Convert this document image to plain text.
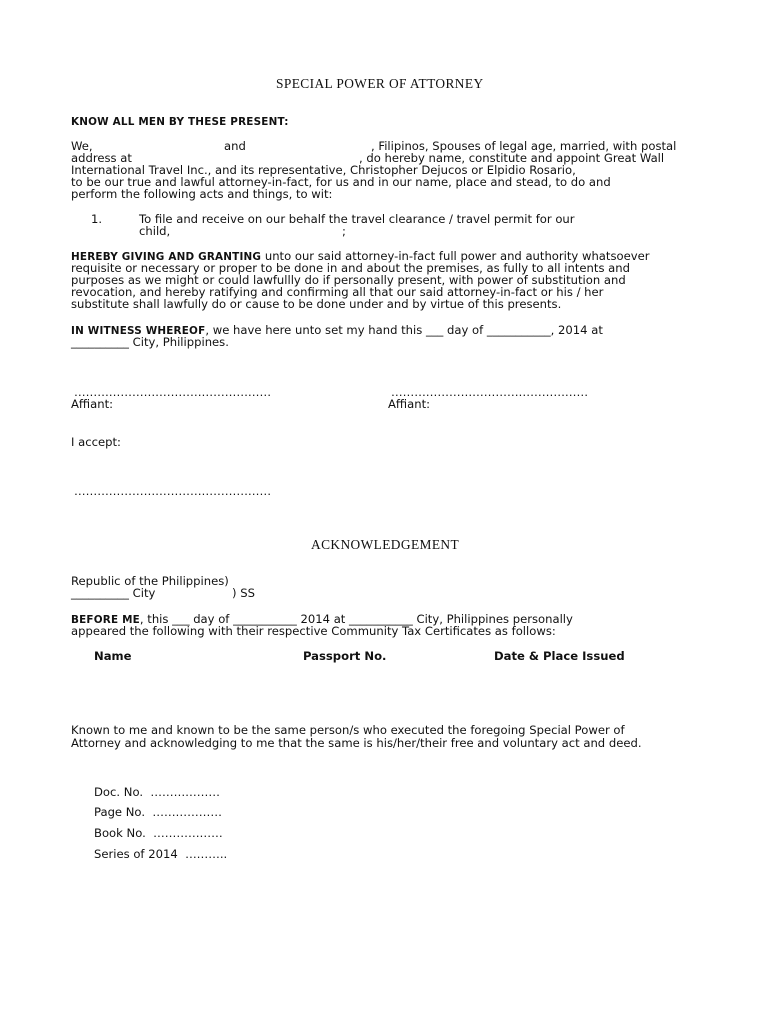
SPECIAL POWER OF ATTORNEY
KNOW ALL MEN BY THESE PRESENT:
We,	and	, Filipinos, Spouses of legal age, married, with postal
address at	, do hereby name, constitute and appoint Great Wall
International Travel Inc., and its representative, Christopher Dejucos or Elpidio Rosario,
to be our true and lawful attorney-in-fact, for us and in our name, place and stead, to do and
perform the following acts and things, to wit:
1.	To file and receive on our behalf the travel clearance / travel permit for our
child,	;
HEREBY GIVING AND GRANTING unto our said attorney-in-fact full power and authority whatsoever
requisite or necessary or proper to be done in and about the premises, as fully to all intents and
purposes as we might or could lawfullly do if personally present, with power of substitution and
revocation, and hereby ratifying and confirming all that our said attorney-in-fact or his / her
substitute shall lawfully do or cause to be done under and by virtue of this presents.
IN WITNESS WHEREOF, we have here unto set my hand this ___ day of ___________, 2014 at
__________ City, Philippines.
……………………………………………
Affiant:
……………………………………………
Affiant:
I accept:
……………………………………………
ACKNOWLEDGEMENT
Republic of the Philippines)
__________ City	) SS
BEFORE ME, this ___ day of ___________ 2014 at ___________ City, Philippines personally
appeared the following with their respective Community Tax Certificates as follows:
Name	Passport No.	Date & Place Issued
Known to me and known to be the same person/s who executed the foregoing Special Power of
Attorney and acknowledging to me that the same is his/her/their free and voluntary act and deed.
Doc. No.  ………………
Page No.  ………………
Book No.  ………………
Series of 2014  ………..
